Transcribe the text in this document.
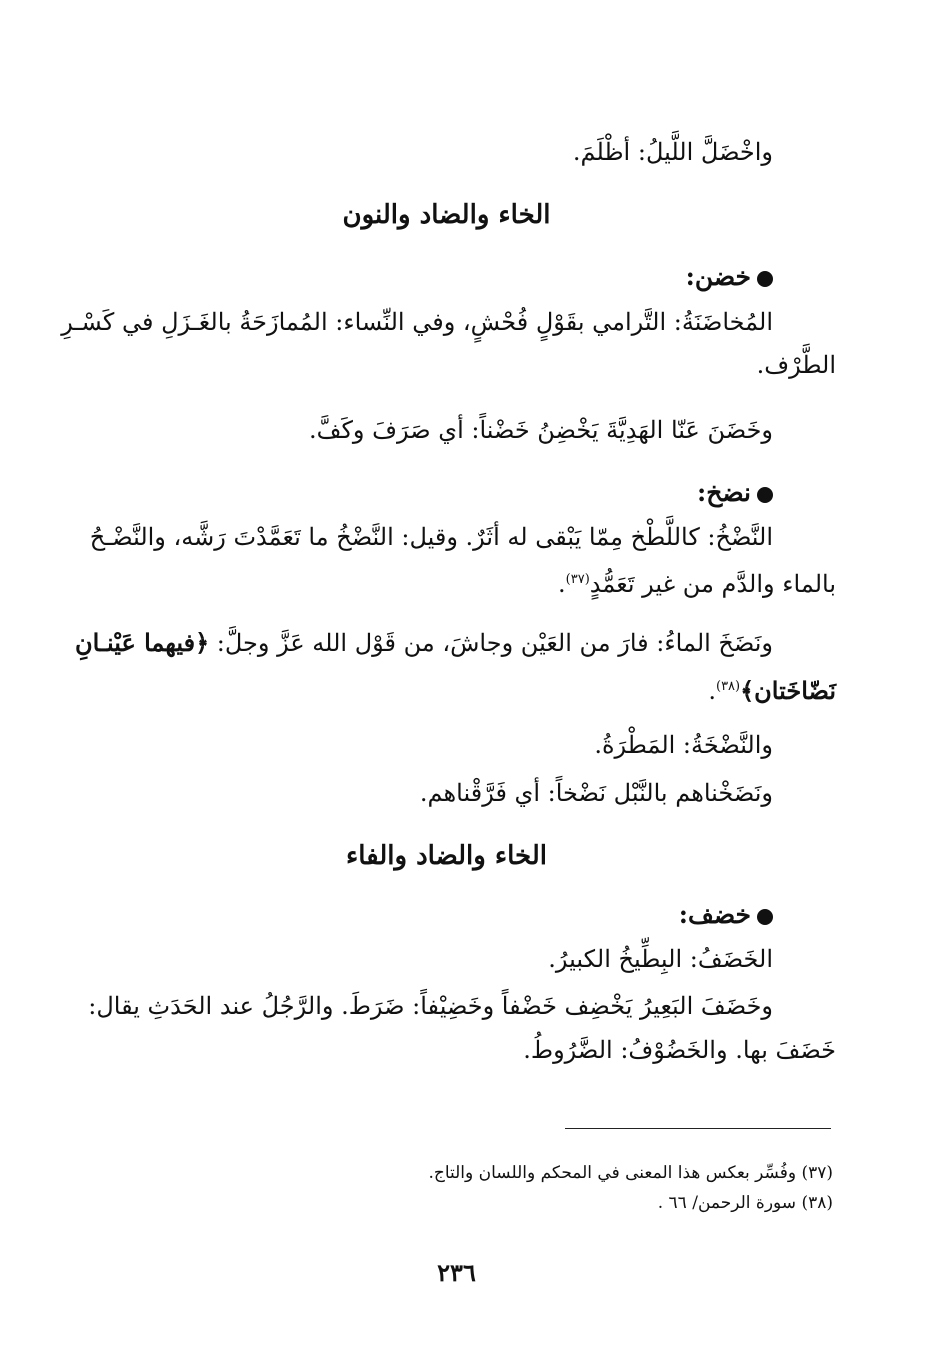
واخْضَلَّ اللَّيلُ: أظْلَمَ.
الخاء والضاد والنون
خضن:
المُخاضَنَةُ: التَّرامي بقَوْلٍ فُحْشٍ، وفي النِّساء: المُمازَحَةُ بالغَـزَلِ في كَسْـرِ
الطَّرْف.
وخَضَنَ عَنّا الهَدِيَّةَ يَخْضِنُ خَضْناً: أي صَرَفَ وكَفَّ.
نضخ:
النَّضْخُ: كاللَّطْخ مِمّا يَبْقى له أثَرٌ. وقيل: النَّضْخُ ما تَعَمَّدْتَ رَشَّه، والنَّضْـحُ
بالماء والدَّم من غير تَعَمُّدٍ$^{(٣٧)}$.
ونَضَخَ الماءُ: فارَ من العَيْن وجاشَ، من قَوْل الله عَزَّ وجلَّ: ﴿فيهما عَيْنـانِ
نَضّاخَتان﴾$^{(٣٨)}$.
والنَّضْخَةُ: المَطْرَةُ.
ونَضَخْناهم بالنَّبْل نَضْخاً: أي فَرَّقْناهم.
الخاء والضاد والفاء
خضف:
الخَضَفُ: البِطِّيخُ الكبيرُ.
وخَضَفَ البَعِيرُ يَخْضِف خَضْفاً وخَضِيْفاً: ضَرَطَ. والرَّجُلُ عند الحَدَثِ يقال:
خَضَفَ بها. والخَضُوْفُ: الضَّرُوطُ.
(٣٧) وفُسِّر بعكس هذا المعنى في المحكم واللسان والتاج.
(٣٨) سورة الرحمن/ ٦٦ .
٢٣٦
